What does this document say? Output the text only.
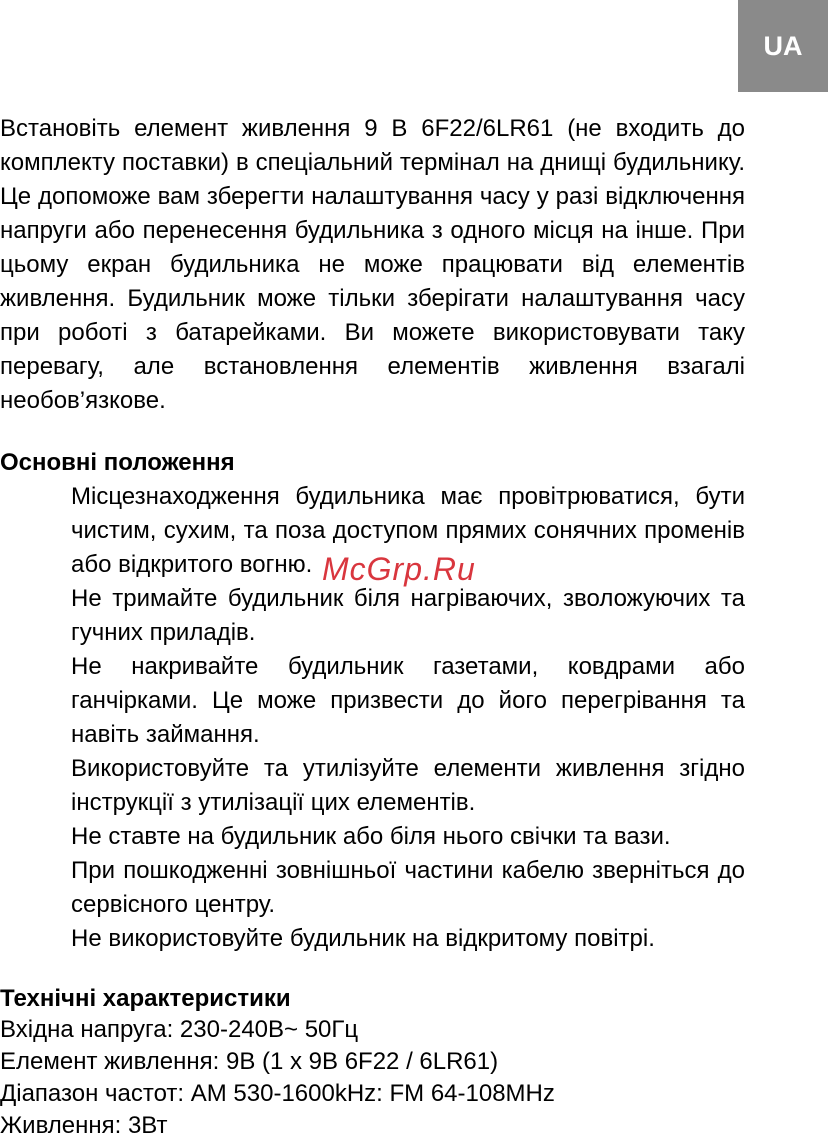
UA

Встановіть елемент живлення 9 В 6F22/6LR61 (не входить до комплекту поставки) в спеціальний термінал на днищі будильнику. Це допоможе вам зберегти налаштування часу у разі відключення напруги або перенесення будильника з одного місця на інше. При цьому екран будильника не може працювати від елементів живлення. Будильник може тільки зберігати налаштування часу при роботі з батарейками. Ви можете використовувати таку перевагу, але встановлення елементів живлення взагалі необов’язкове.

Основні положення
Місцезнаходження будильника має провітрюватися, бути чистим, сухим, та поза доступом прямих сонячних променів або відкритого вогню.
Не тримайте будильник біля нагріваючих, зволожуючих та гучних приладів.
Не накривайте будильник газетами, ковдрами або ганчірками. Це може призвести до його перегрівання та навіть займання.
Використовуйте та утилізуйте елементи живлення згідно інструкції з утилізації цих елементів.
Не ставте на будильник або біля нього свічки та вази.
При пошкодженні зовнішньої частини кабелю зверніться до сервісного центру.
Не використовуйте будильник на відкритому повітрі.
Технічні характеристики
Вхідна напруга: 230-240В~ 50Гц
Елемент живлення: 9В (1 x 9В 6F22 / 6LR61)
Діапазон частот: AM 530-1600kHz: FM 64-108MHz
Живлення: 3Вт
McGrp.Ru
